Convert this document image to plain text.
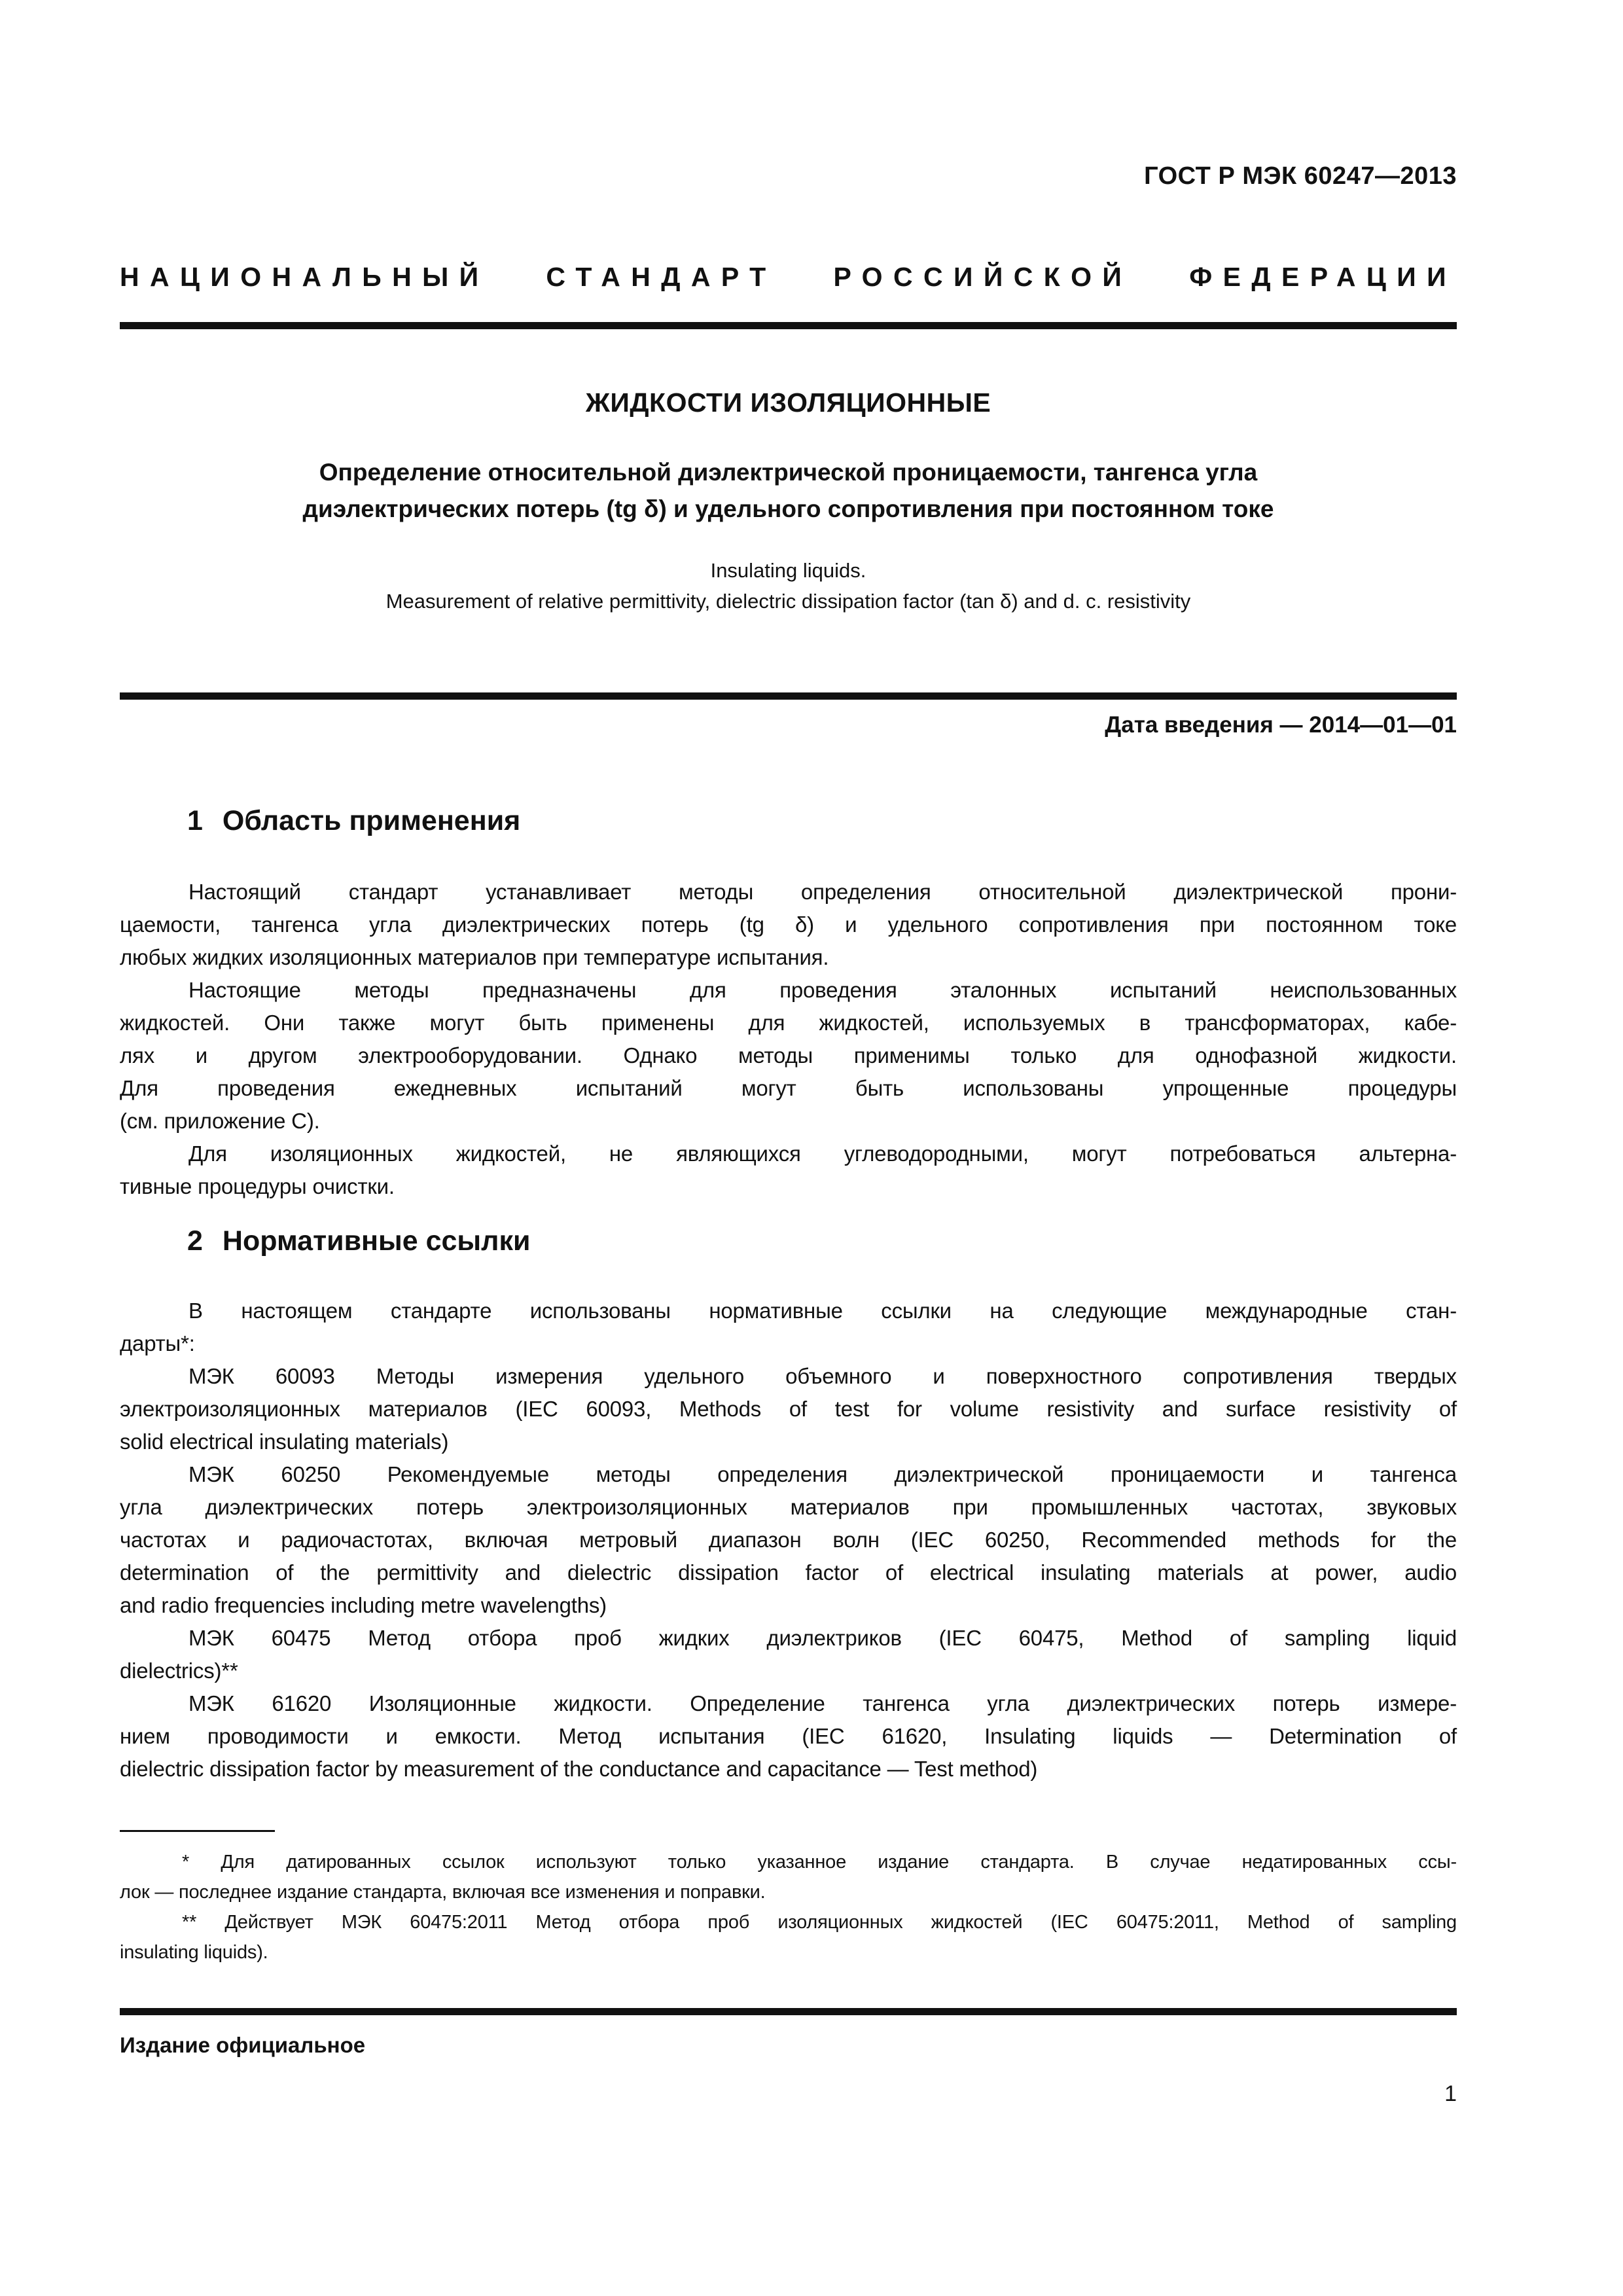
ГОСТ Р МЭК 60247—2013
НАЦИОНАЛЬНЫЙ СТАНДАРТ РОССИЙСКОЙ ФЕДЕРАЦИИ
ЖИДКОСТИ ИЗОЛЯЦИОННЫЕ
Определение относительной диэлектрической проницаемости, тангенса угла
диэлектрических потерь (tg δ) и удельного сопротивления при постоянном токе
Insulating liquids.
Measurement of relative permittivity, dielectric dissipation factor (tan δ) and d. c. resistivity
Дата введения — 2014—01—01
1 Область применения
Настоящий стандарт устанавливает методы определения относительной диэлектрической прони-
цаемости, тангенса угла диэлектрических потерь (tg δ) и удельного сопротивления при постоянном токе
любых жидких изоляционных материалов при температуре испытания.
Настоящие методы предназначены для проведения эталонных испытаний неиспользованных
жидкостей. Они также могут быть применены для жидкостей, используемых в трансформаторах, кабе-
лях и другом электрооборудовании. Однако методы применимы только для однофазной жидкости.
Для проведения ежедневных испытаний могут быть использованы упрощенные процедуры
(см. приложение C).
Для изоляционных жидкостей, не являющихся углеводородными, могут потребоваться альтерна-
тивные процедуры очистки.
2 Нормативные ссылки
В настоящем стандарте использованы нормативные ссылки на следующие международные стан-
дарты*:
МЭК 60093 Методы измерения удельного объемного и поверхностного сопротивления твердых
электроизоляционных материалов (IEC 60093, Methods of test for volume resistivity and surface resistivity of
solid electrical insulating materials)
МЭК 60250 Рекомендуемые методы определения диэлектрической проницаемости и тангенса
угла диэлектрических потерь электроизоляционных материалов при промышленных частотах, звуковых
частотах и радиочастотах, включая метровый диапазон волн (IEC 60250, Recommended methods for the
determination of the permittivity and dielectric dissipation factor of electrical insulating materials at power, audio
and radio frequencies including metre wavelengths)
МЭК 60475 Метод отбора проб жидких диэлектриков (IEC 60475, Method of sampling liquid
dielectrics)**
МЭК 61620 Изоляционные жидкости. Определение тангенса угла диэлектрических потерь измере-
нием проводимости и емкости. Метод испытания (IEC 61620, Insulating liquids — Determination of
dielectric dissipation factor by measurement of the conductance and capacitance — Test method)
* Для датированных ссылок используют только указанное издание стандарта. В случае недатированных ссы-
лок — последнее издание стандарта, включая все изменения и поправки.
** Действует МЭК 60475:2011 Метод отбора проб изоляционных жидкостей (IEC 60475:2011, Method of sampling
insulating liquids).
Издание официальное
1
